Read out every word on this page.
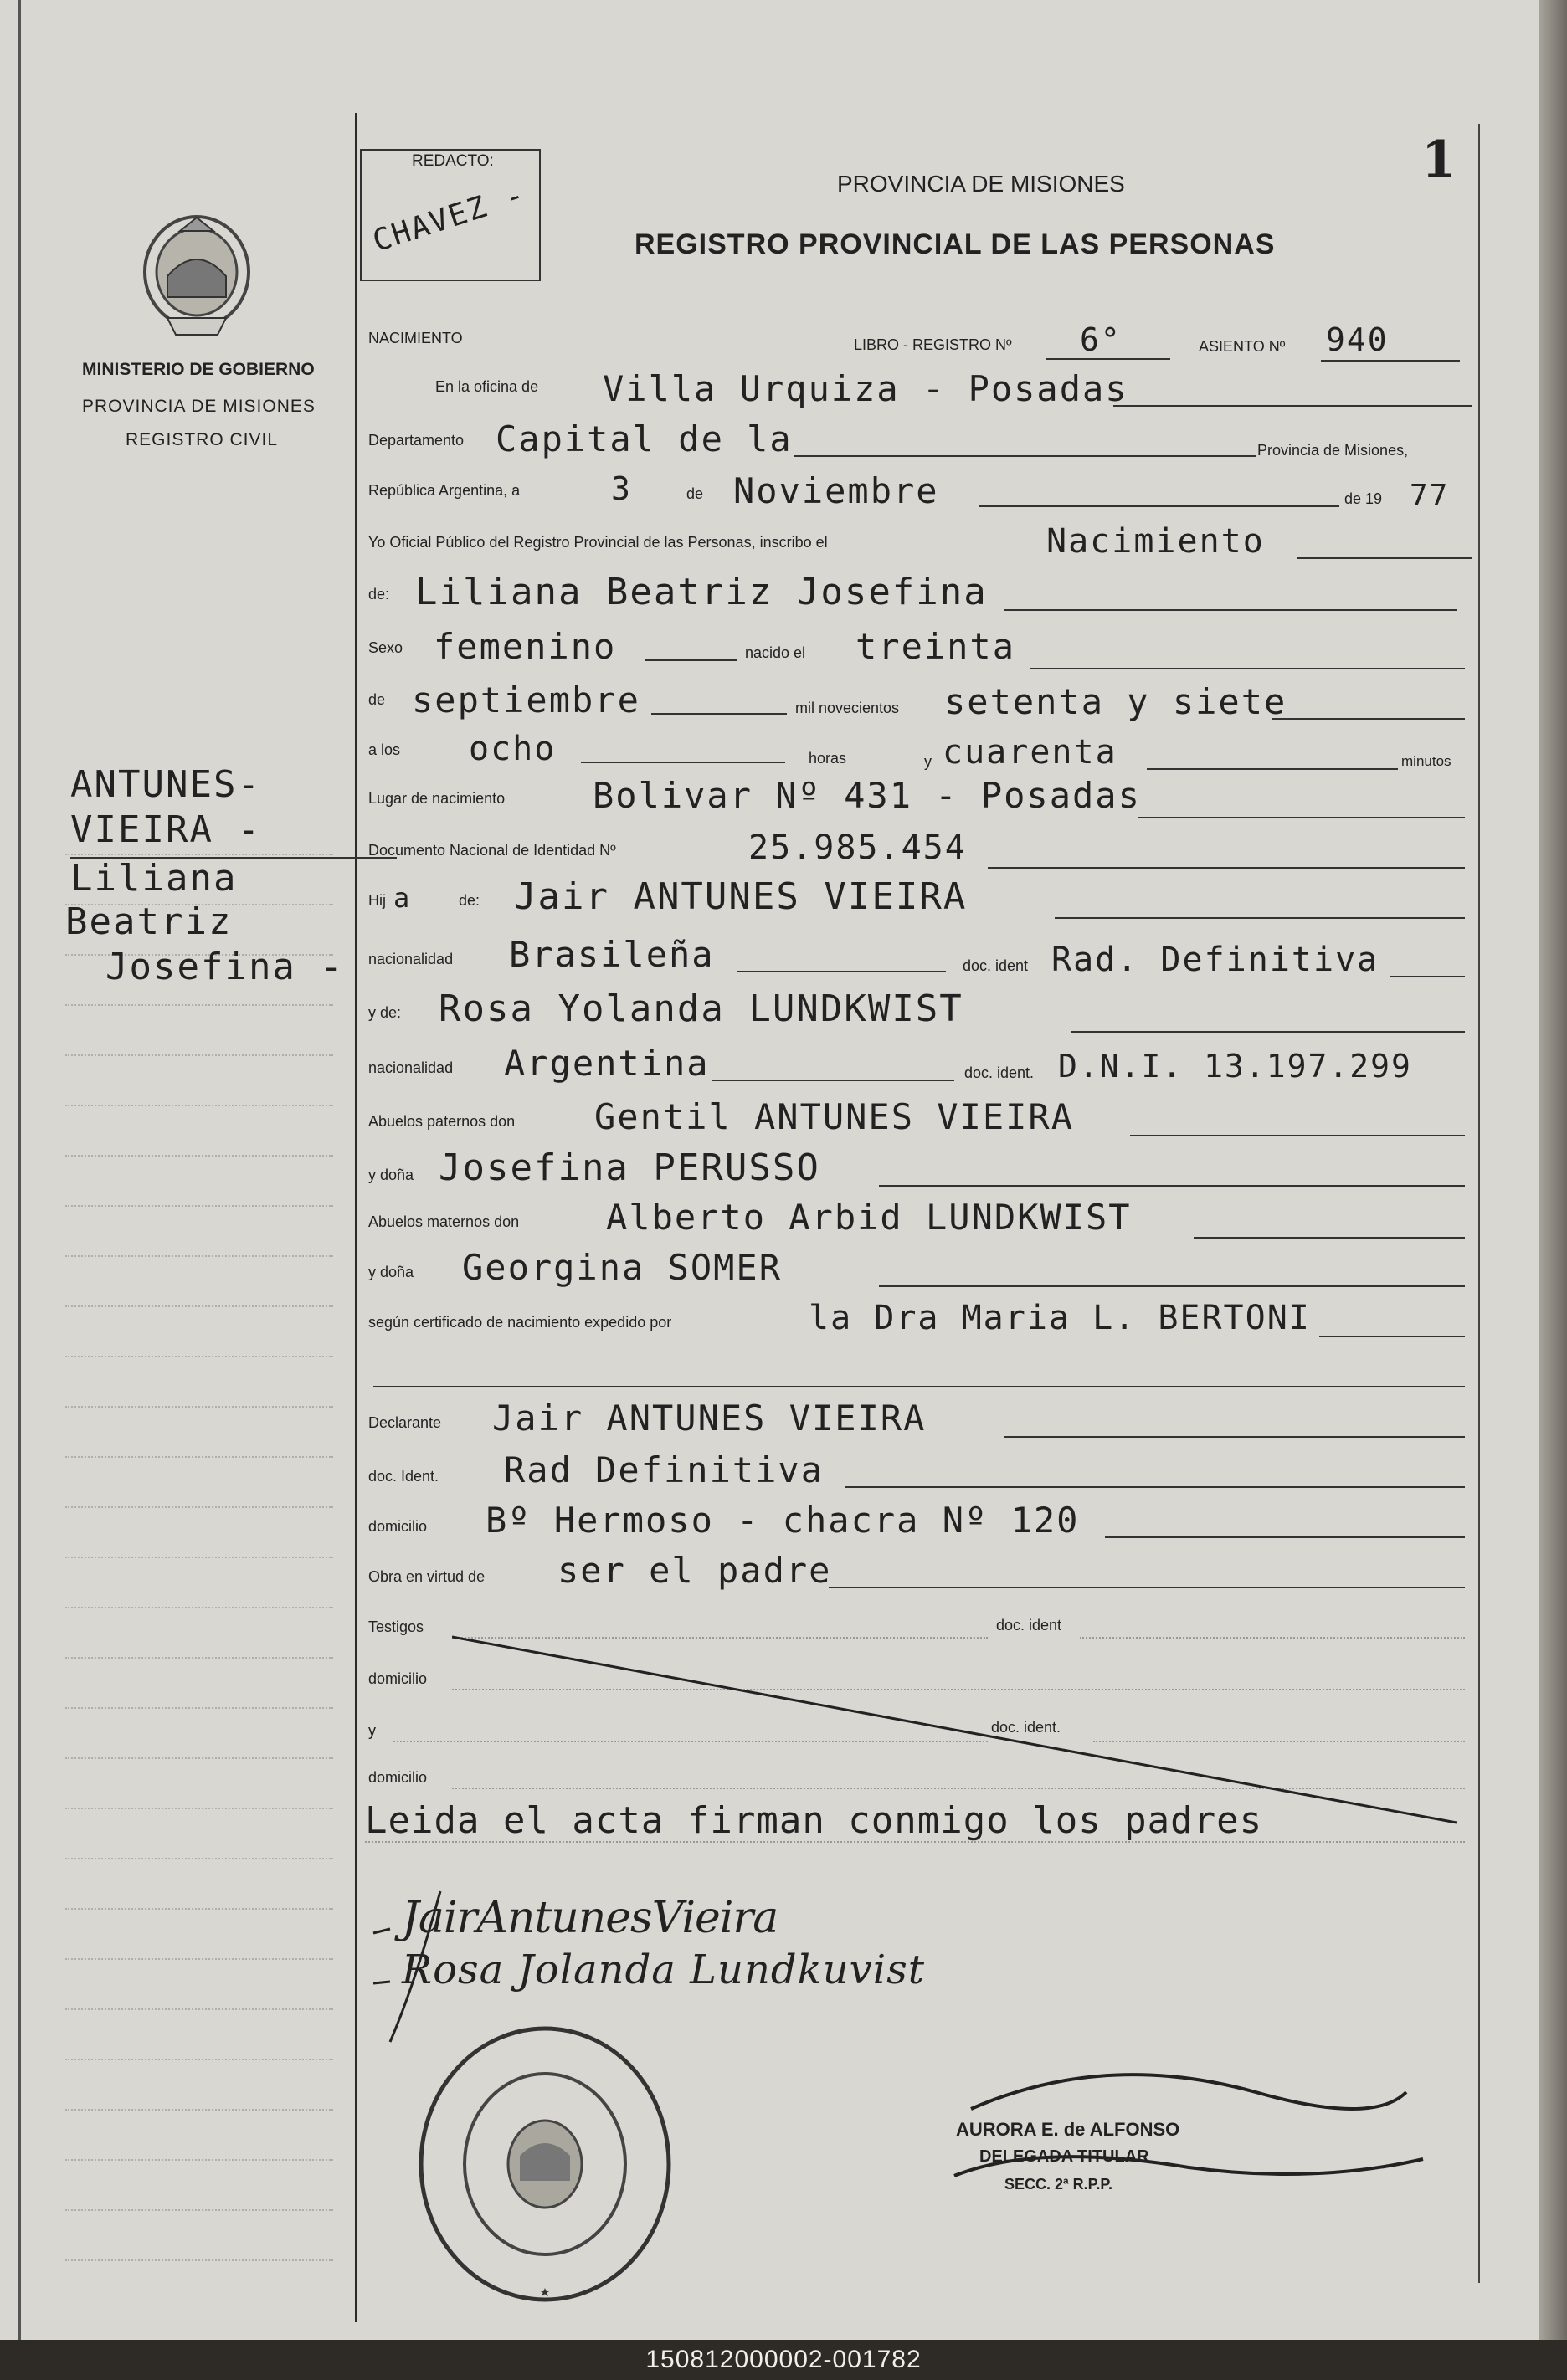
1
REDACTO:
CHAVEZ -	PROVINCIA DE MISIONES
REGISTRO PROVINCIAL DE LAS PERSONAS
MINISTERIO DE GOBIERNO
PROVINCIA DE MISIONES
REGISTRO CIVIL
ANTUNES-
VIEIRA -
Liliana
Beatriz
Josefina -
NACIMIENTO	LIBRO - REGISTRO Nº 6°	ASIENTO Nº 940
En la oficina de Villa Urquiza - Posadas
Departamento Capital de la	Provincia de Misiones,
República Argentina, a	3	de Noviembre	de 19 77
Yo Oficial Público del Registro Provincial de las Personas, inscribo el	Nacimiento
de: Liliana Beatriz Josefina
Sexo femenino	nacido el treinta
de septiembre	mil novecientos setenta y siete
a los ocho	horas	y cuarenta	minutos
Lugar de nacimiento Bolivar Nº 431 - Posadas
Documento Nacional de Identidad Nº	25.985.454
Hij a	de: Jair ANTUNES VIEIRA
nacionalidad Brasileña	doc. ident Rad. Definitiva
y de: Rosa Yolanda LUNDKWIST
nacionalidad Argentina	doc. ident. D.N.I. 13.197.299
Abuelos paternos don Gentil ANTUNES VIEIRA
y doña Josefina PERUSSO
Abuelos maternos don Alberto Arbid LUNDKWIST
y doña Georgina SOMER
según certificado de nacimiento expedido por	la Dra Maria L. BERTONI
Declarante Jair ANTUNES VIEIRA
doc. Ident. Rad Definitiva
domicilio Bº Hermoso - chacra Nº 120
Obra en virtud de ser el padre
Testigos	doc. ident
domicilio
y	doc. ident.
domicilio
Leida el acta firman conmigo los padres
JairAntunesVieira
Rosa Jolanda Lundkuvist
AURORA E. de ALFONSO
DELEGADA TITULAR
SECC. 2ª R.P.P.
150812000002-001782
